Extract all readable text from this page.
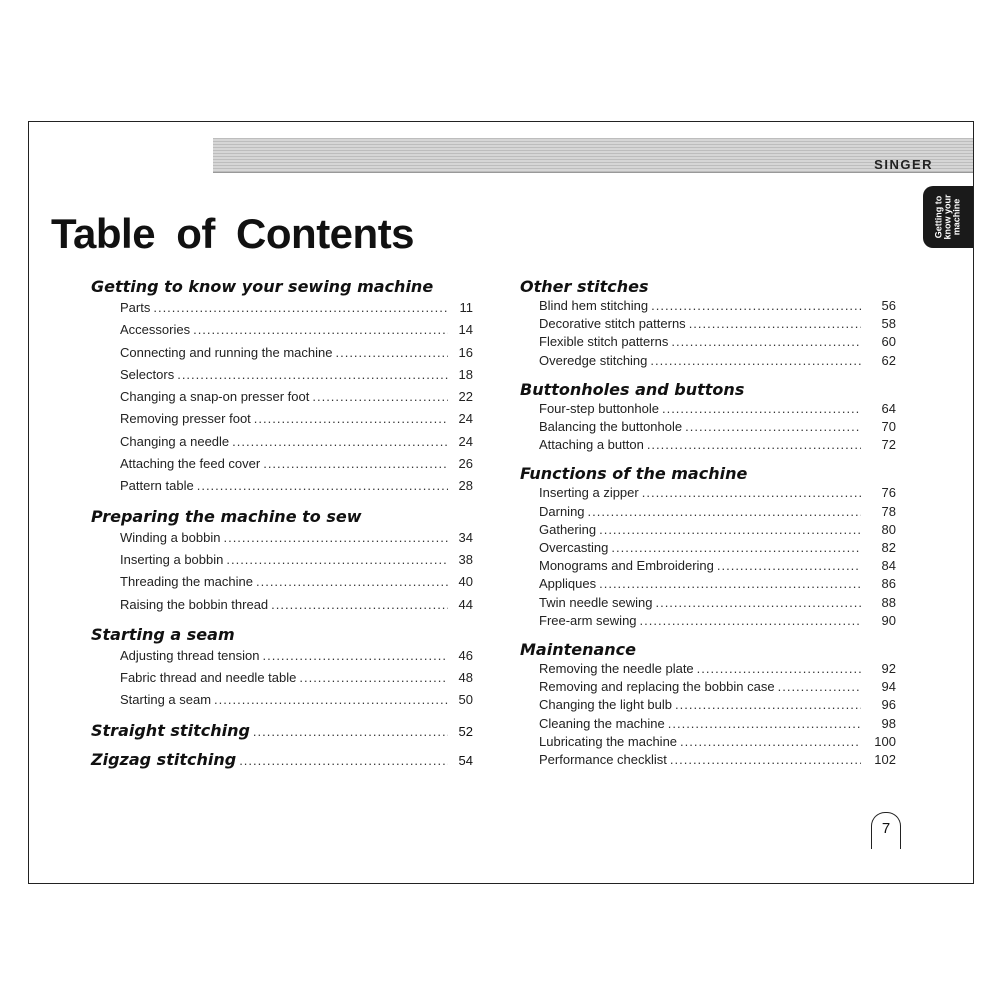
SINGER
Getting to
know your
machine
Table of Contents
Getting to know your sewing machine
Parts .....	11
Accessories .....	14
Connecting and running the machine .....	16
Selectors .....	18
Changing a snap-on presser foot .....	22
Removing presser foot .....	24
Changing a needle .....	24
Attaching the feed cover .....	26
Pattern table .....	28
Preparing the machine to sew
Winding a bobbin .....	34
Inserting a bobbin .....	38
Threading the machine .....	40
Raising the bobbin thread .....	44
Starting a seam
Adjusting thread tension .....	46
Fabric thread and needle table .....	48
Starting a seam .....	50
Straight stitching .....	52
Zigzag stitching .....	54
Other stitches
Blind hem stitching .....	56
Decorative stitch patterns .....	58
Flexible stitch patterns .....	60
Overedge stitching .....	62
Buttonholes and buttons
Four-step buttonhole .....	64
Balancing the buttonhole .....	70
Attaching a button .....	72
Functions of the machine
Inserting a zipper .....	76
Darning .....	78
Gathering .....	80
Overcasting .....	82
Monograms and Embroidering .....	84
Appliques .....	86
Twin needle sewing .....	88
Free-arm sewing .....	90
Maintenance
Removing the needle plate .....	92
Removing and replacing the bobbin case .....	94
Changing the light bulb .....	96
Cleaning the machine .....	98
Lubricating the machine .....	100
Performance checklist .....	102
7
